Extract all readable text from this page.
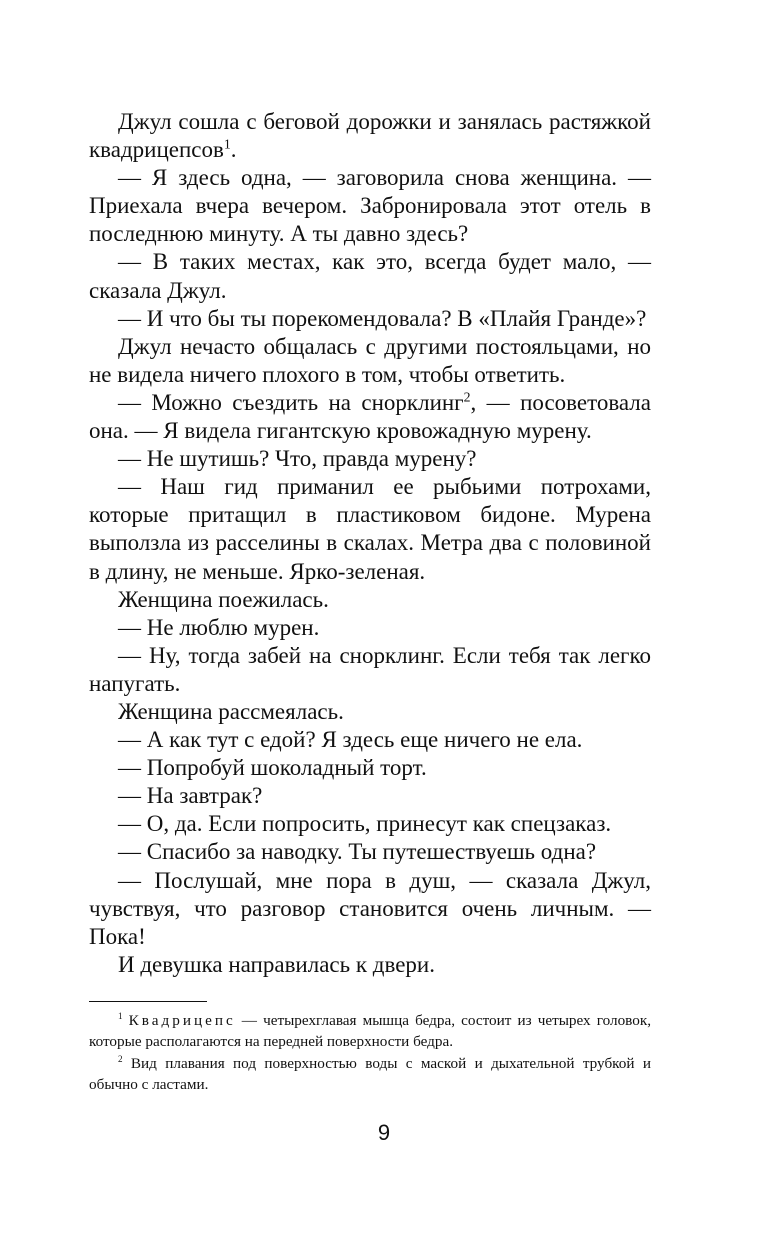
Джул сошла с беговой дорожки и занялась растяжкой квадрицепсов$^1$.

— Я здесь одна, — заговорила снова женщина. — Приехала вчера вечером. Забронировала этот отель в последнюю минуту. А ты давно здесь?

— В таких местах, как это, всегда будет мало, — сказала Джул.

— И что бы ты порекомендовала? В «Плайя Гранде»?

Джул нечасто общалась с другими постояльцами, но не видела ничего плохого в том, чтобы ответить.

— Можно съездить на снорклинг$^2$, — посоветовала она. — Я видела гигантскую кровожадную мурену.

— Не шутишь? Что, правда мурену?

— Наш гид приманил ее рыбьими потрохами, которые притащил в пластиковом бидоне. Мурена выползла из расселины в скалах. Метра два с половиной в длину, не меньше. Ярко-зеленая.

Женщина поежилась.

— Не люблю мурен.

— Ну, тогда забей на снорклинг. Если тебя так легко напугать.

Женщина рассмеялась.

— А как тут с едой? Я здесь еще ничего не ела.

— Попробуй шоколадный торт.

— На завтрак?

— О, да. Если попросить, принесут как спецзаказ.

— Спасибо за наводку. Ты путешествуешь одна?

— Послушай, мне пора в душ, — сказала Джул, чувствуя, что разговор становится очень личным. — Пока!

И девушка направилась к двери.

$^1$ Квадрицепс — четырехглавая мышца бедра, состоит из четырех головок, которые располагаются на передней поверхности бедра.

$^2$ Вид плавания под поверхностью воды с маской и дыхательной трубкой и обычно с ластами.

9
